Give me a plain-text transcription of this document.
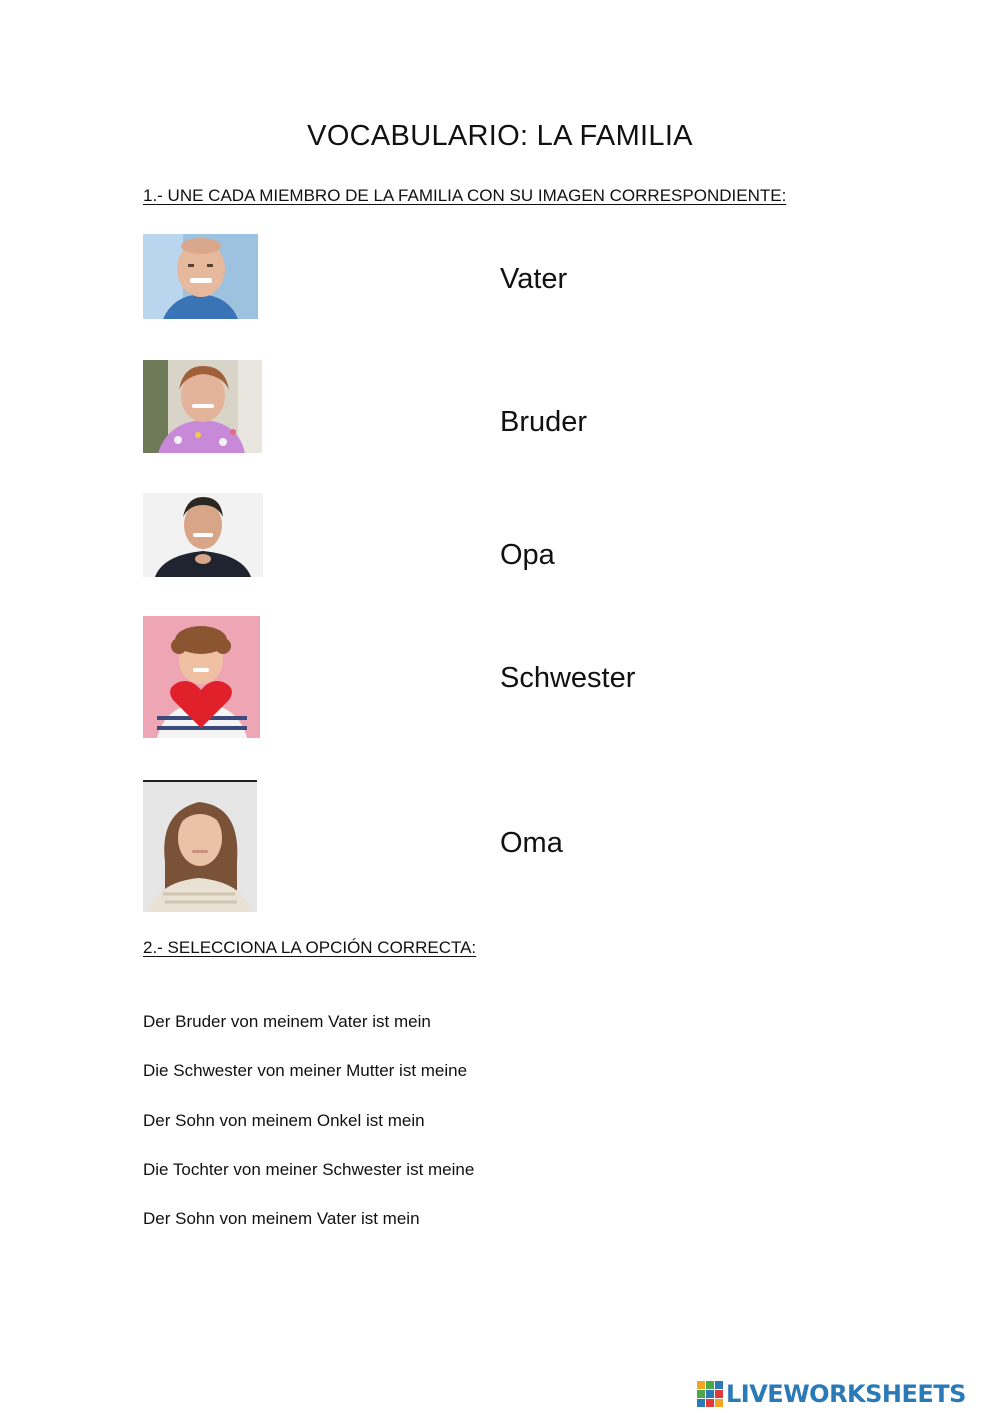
VOCABULARIO: LA FAMILIA
1.- UNE CADA MIEMBRO DE LA FAMILIA CON SU IMAGEN CORRESPONDIENTE:
Vater
Bruder
Opa
Schwester
Oma
2.- SELECCIONA LA OPCIÓN CORRECTA:
Der Bruder von meinem Vater ist mein
Die Schwester von meiner Mutter ist meine
Der Sohn von meinem Onkel ist mein
Die Tochter von meiner Schwester ist meine
Der Sohn von meinem Vater ist mein
LIVEWORKSHEETS
